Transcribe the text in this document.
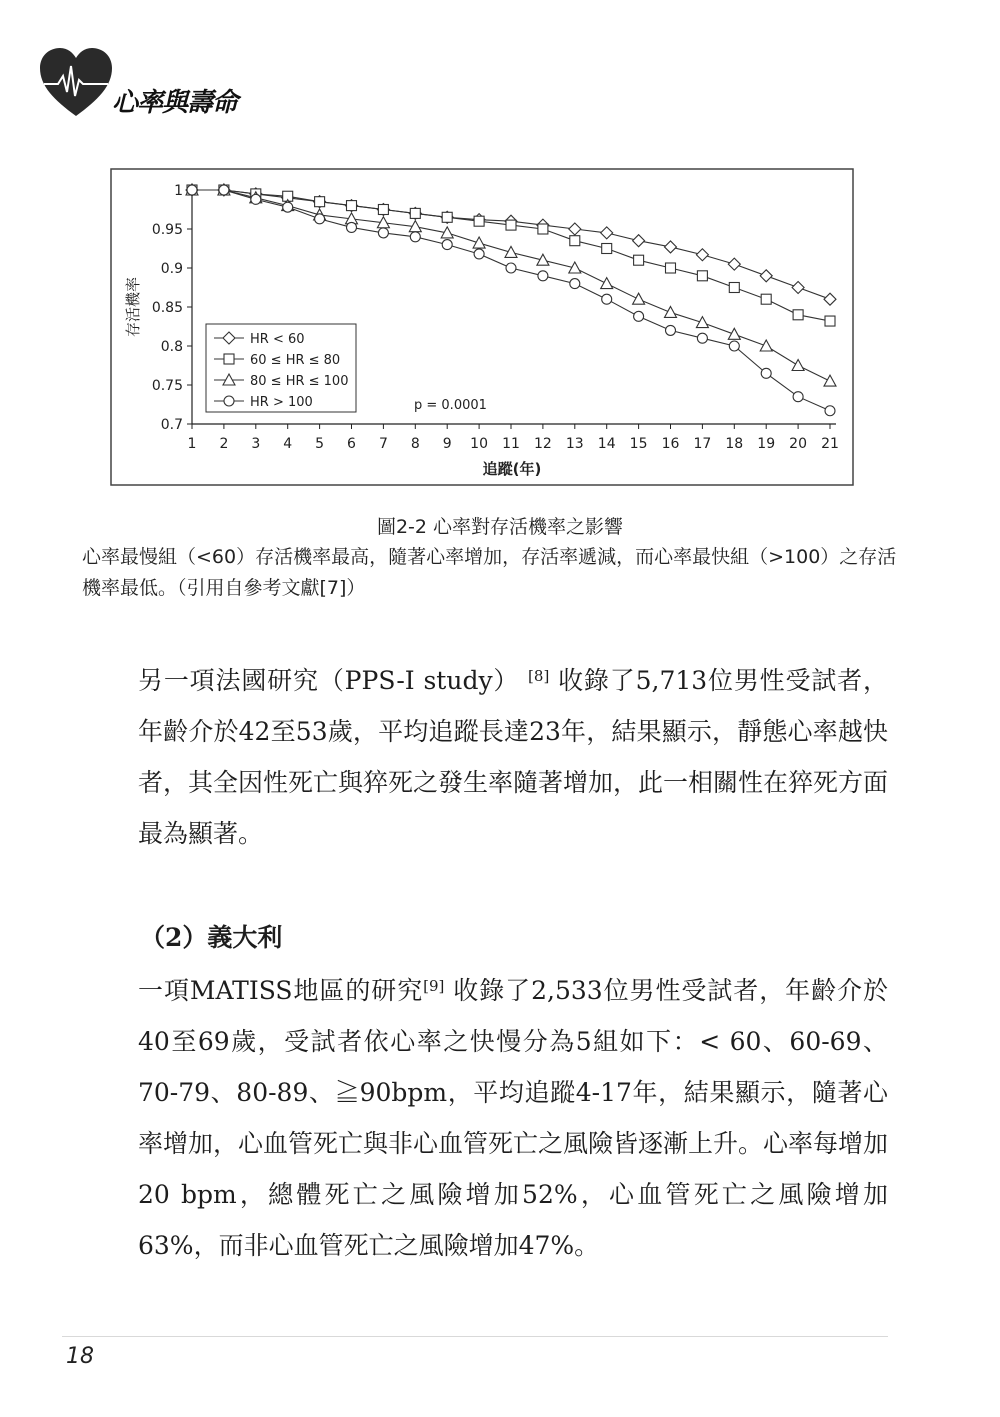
心率與壽命
0.7
0.75
0.8
0.85
0.9
0.95
1
1 2 3 4 5 6 7 8 9 10 11 12 13 14 15 16 17 18 19 20 21
追蹤(年)
存活機率
HR < 60
60 ≤ HR ≤ 80
80 ≤ HR ≤ 100
HR > 100	p = 0.0001
圖2-2 心率對存活機率之影響
心率最慢組（<60）存活機率最高，隨著心率增加，存活率遞減，而心率最快組（>100）之存活機率最低。（引用自參考文獻[7]）
另一項法國研究（PPS-I study） [8] 收錄了5,713位男性受試者，年齡介於42至53歲，平均追蹤長達23年，結果顯示，靜態心率越快者，其全因性死亡與猝死之發生率隨著增加，此一相關性在猝死方面最為顯著。
（2）義大利
一項MATISS地區的研究[9] 收錄了2,533位男性受試者，年齡介於40至69歲，受試者依心率之快慢分為5組如下：< 60、60-69、70-79、80-89、≧90bpm，平均追蹤4-17年，結果顯示，隨著心率增加，心血管死亡與非心血管死亡之風險皆逐漸上升。心率每增加20 bpm，總體死亡之風險增加52%，心血管死亡之風險增加63%，而非心血管死亡之風險增加47%。
18
